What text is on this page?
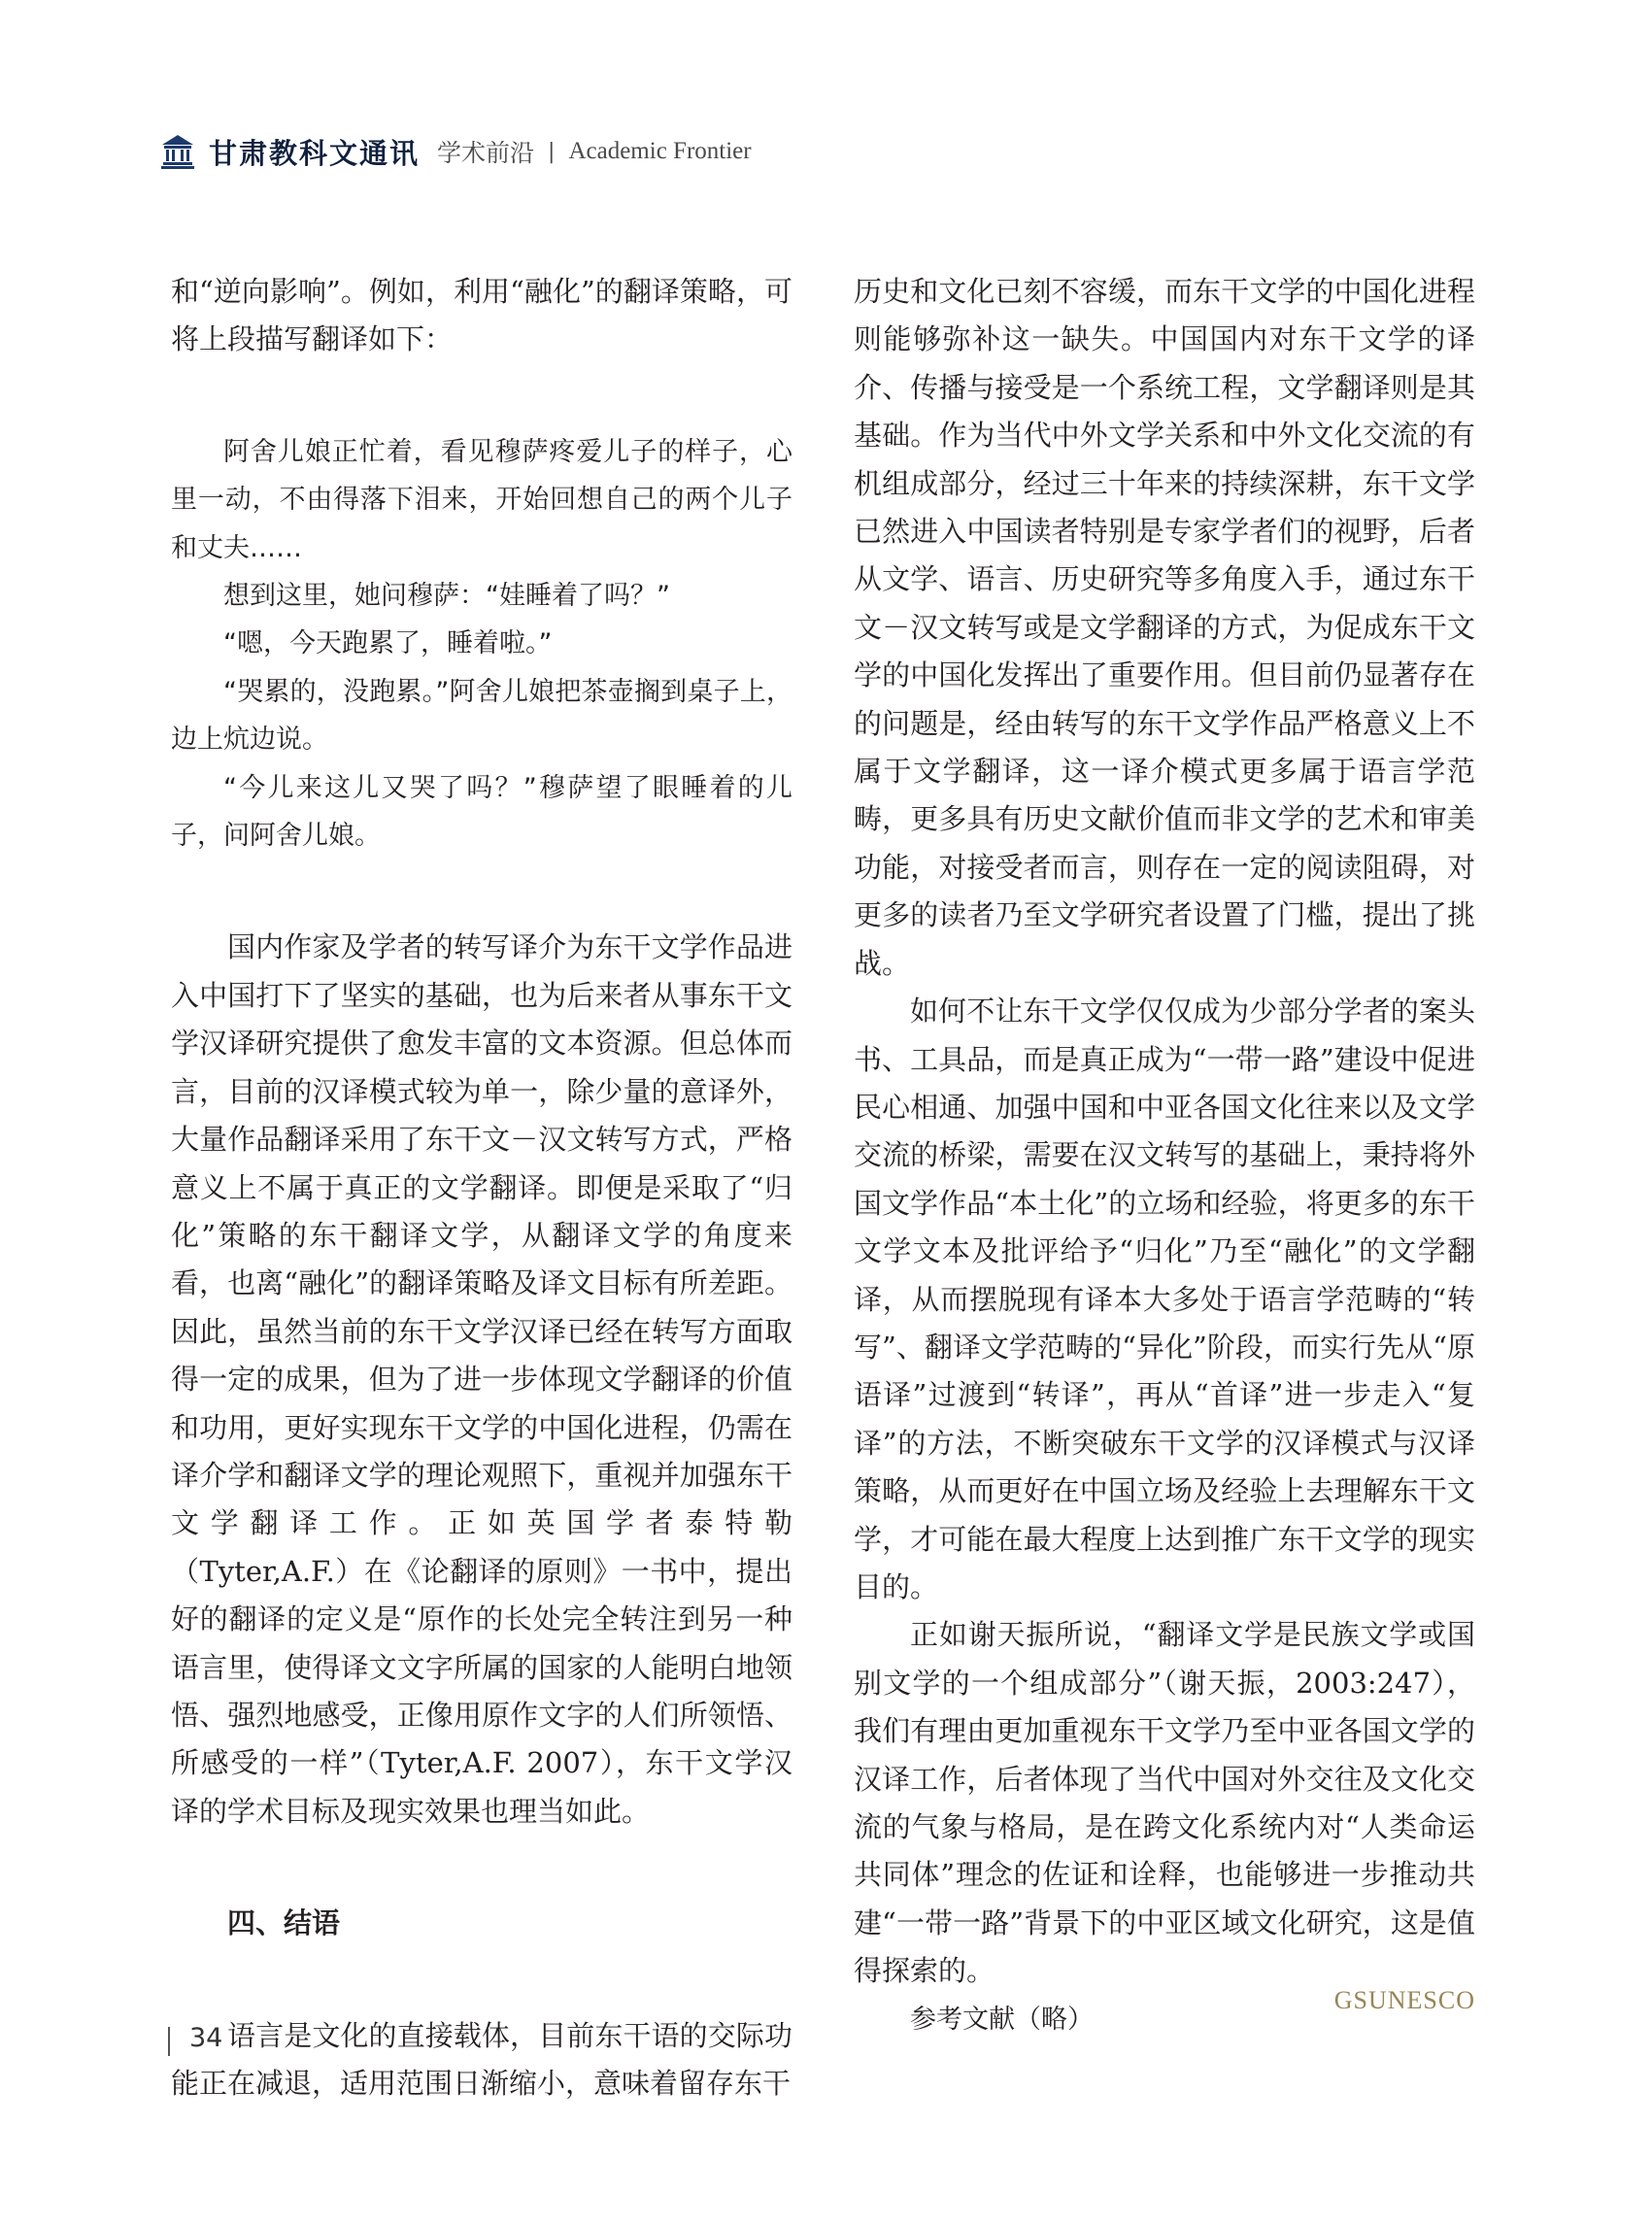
甘肃教科文通讯 学术前沿 | Academic Frontier

和“逆向影响”。例如，利用“融化”的翻译策略，可将上段描写翻译如下：

阿舍儿娘正忙着，看见穆萨疼爱儿子的样子，心里一动，不由得落下泪来，开始回想自己的两个儿子和丈夫……

想到这里，她问穆萨：“娃睡着了吗？”

“嗯，今天跑累了，睡着啦。”

“哭累的，没跑累。”阿舍儿娘把茶壶搁到桌子上，边上炕边说。

“今儿来这儿又哭了吗？”穆萨望了眼睡着的儿子，问阿舍儿娘。

国内作家及学者的转写译介为东干文学作品进入中国打下了坚实的基础，也为后来者从事东干文学汉译研究提供了愈发丰富的文本资源。但总体而言，目前的汉译模式较为单一，除少量的意译外，大量作品翻译采用了东干文－汉文转写方式，严格意义上不属于真正的文学翻译。即便是采取了“归化”策略的东干翻译文学，从翻译文学的角度来看，也离“融化”的翻译策略及译文目标有所差距。因此，虽然当前的东干文学汉译已经在转写方面取得一定的成果，但为了进一步体现文学翻译的价值和功用，更好实现东干文学的中国化进程，仍需在译介学和翻译文学的理论观照下，重视并加强东干文学翻译工作。正如英国学者泰特勒（Tyter,A.F.）在《论翻译的原则》一书中，提出好的翻译的定义是“原作的长处完全转注到另一种语言里，使得译文文字所属的国家的人能明白地领悟、强烈地感受，正像用原作文字的人们所领悟、所感受的一样”（Tyter,A.F. 2007），东干文学汉译的学术目标及现实效果也理当如此。

四、结语

语言是文化的直接载体，目前东干语的交际功能正在减退，适用范围日渐缩小，意味着留存东干

历史和文化已刻不容缓，而东干文学的中国化进程则能够弥补这一缺失。中国国内对东干文学的译介、传播与接受是一个系统工程，文学翻译则是其基础。作为当代中外文学关系和中外文化交流的有机组成部分，经过三十年来的持续深耕，东干文学已然进入中国读者特别是专家学者们的视野，后者从文学、语言、历史研究等多角度入手，通过东干文－汉文转写或是文学翻译的方式，为促成东干文学的中国化发挥出了重要作用。但目前仍显著存在的问题是，经由转写的东干文学作品严格意义上不属于文学翻译，这一译介模式更多属于语言学范畴，更多具有历史文献价值而非文学的艺术和审美功能，对接受者而言，则存在一定的阅读阻碍，对更多的读者乃至文学研究者设置了门槛，提出了挑战。

如何不让东干文学仅仅成为少部分学者的案头书、工具品，而是真正成为“一带一路”建设中促进民心相通、加强中国和中亚各国文化往来以及文学交流的桥梁，需要在汉文转写的基础上，秉持将外国文学作品“本土化”的立场和经验，将更多的东干文学文本及批评给予“归化”乃至“融化”的文学翻译，从而摆脱现有译本大多处于语言学范畴的“转写”、翻译文学范畴的“异化”阶段，而实行先从“原语译”过渡到“转译”，再从“首译”进一步走入“复译”的方法，不断突破东干文学的汉译模式与汉译策略，从而更好在中国立场及经验上去理解东干文学，才可能在最大程度上达到推广东干文学的现实目的。

正如谢天振所说，“翻译文学是民族文学或国别文学的一个组成部分”（谢天振，2003:247），我们有理由更加重视东干文学乃至中亚各国文学的汉译工作，后者体现了当代中国对外交往及文化交流的气象与格局，是在跨文化系统内对“人类命运共同体”理念的佐证和诠释，也能够进一步推动共建“一带一路”背景下的中亚区域文化研究，这是值得探索的。

参考文献（略）

GSUNESCO
34
